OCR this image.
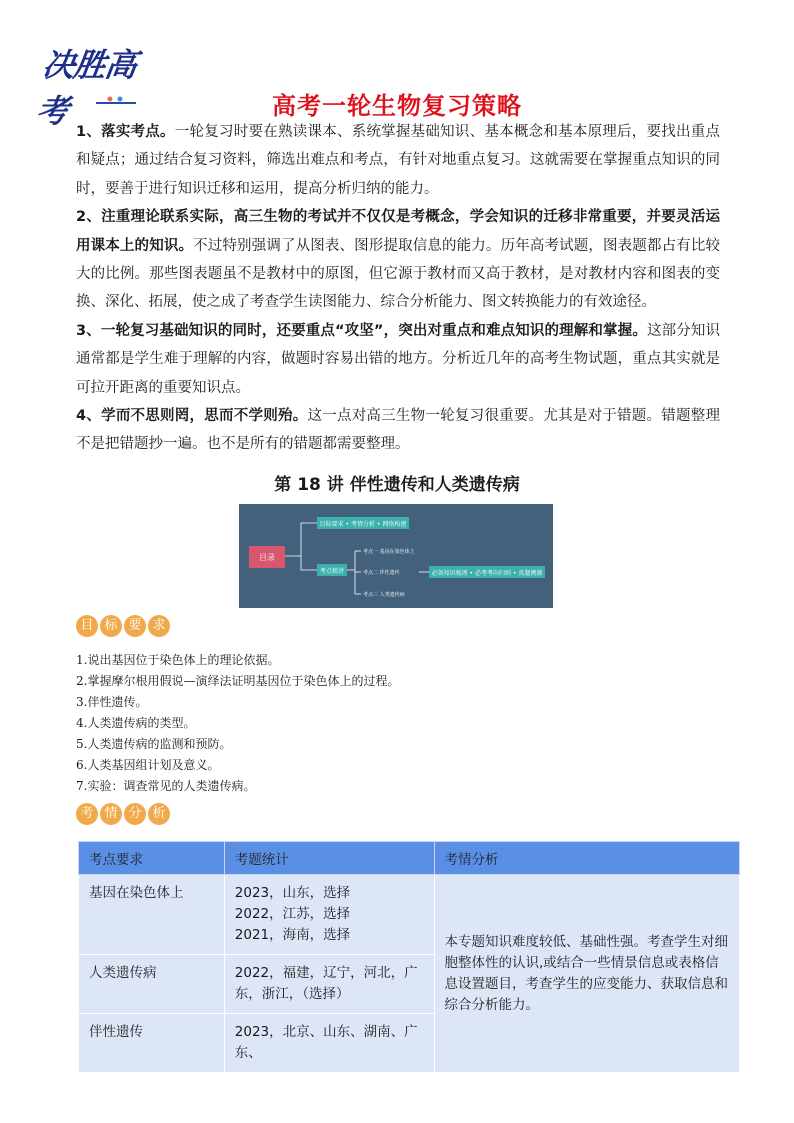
决胜高考	高考一轮生物复习策略

1、落实考点。一轮复习时要在熟读课本、系统掌握基础知识、基本概念和基本原理后，要找出重点和疑点；通过结合复习资料，筛选出难点和考点，有针对地重点复习。这就需要在掌握重点知识的同时，要善于进行知识迁移和运用，提高分析归纳的能力。

2、注重理论联系实际，高三生物的考试并不仅仅是考概念，学会知识的迁移非常重要，并要灵活运用课本上的知识。不过特别强调了从图表、图形提取信息的能力。历年高考试题，图表题都占有比较大的比例。那些图表题虽不是教材中的原图，但它源于教材而又高于教材，是对教材内容和图表的变换、深化、拓展，使之成了考查学生读图能力、综合分析能力、图文转换能力的有效途径。

3、一轮复习基础知识的同时，还要重点“攻坚”，突出对重点和难点知识的理解和掌握。这部分知识通常都是学生难于理解的内容，做题时容易出错的地方。分析近几年的高考生物试题，重点其实就是可拉开距离的重要知识点。

4、学而不思则罔，思而不学则殆。这一点对高三生物一轮复习很重要。尤其是对于错题。错题整理不是把错题抄一遍。也不是所有的错题都需要整理。

第 18 讲 伴性遗传和人类遗传病
目录
目标要求 • 考情分析 • 网络构建
考点精讲
考点一 基因在染色体上
考点二 伴性遗传
考点三 人类遗传病
必备知识梳理 • 必考考向归纳 • 真题溯源
目 标 要 求
1.说出基因位于染色体上的理论依据。
2.掌握摩尔根用假说—演绎法证明基因位于染色体上的过程。
3.伴性遗传。
4.人类遗传病的类型。
5.人类遗传病的监测和预防。
6.人类基因组计划及意义。
7.实验：调查常见的人类遗传病。
考 情 分 析
考点要求	考题统计	考情分析
基因在染色体上	2023，山东，选择
2022，江苏，选择
2021，海南，选择	本专题知识难度较低、基础性强。考查学生对细胞整体性的认识,或结合一些情景信息或表格信息设置题目，考查学生的应变能力、获取信息和综合分析能力。
人类遗传病	2022，福建，辽宁，河北，广东，浙江，（选择）	
伴性遗传	2023，北京、山东、湖南、广东、	
